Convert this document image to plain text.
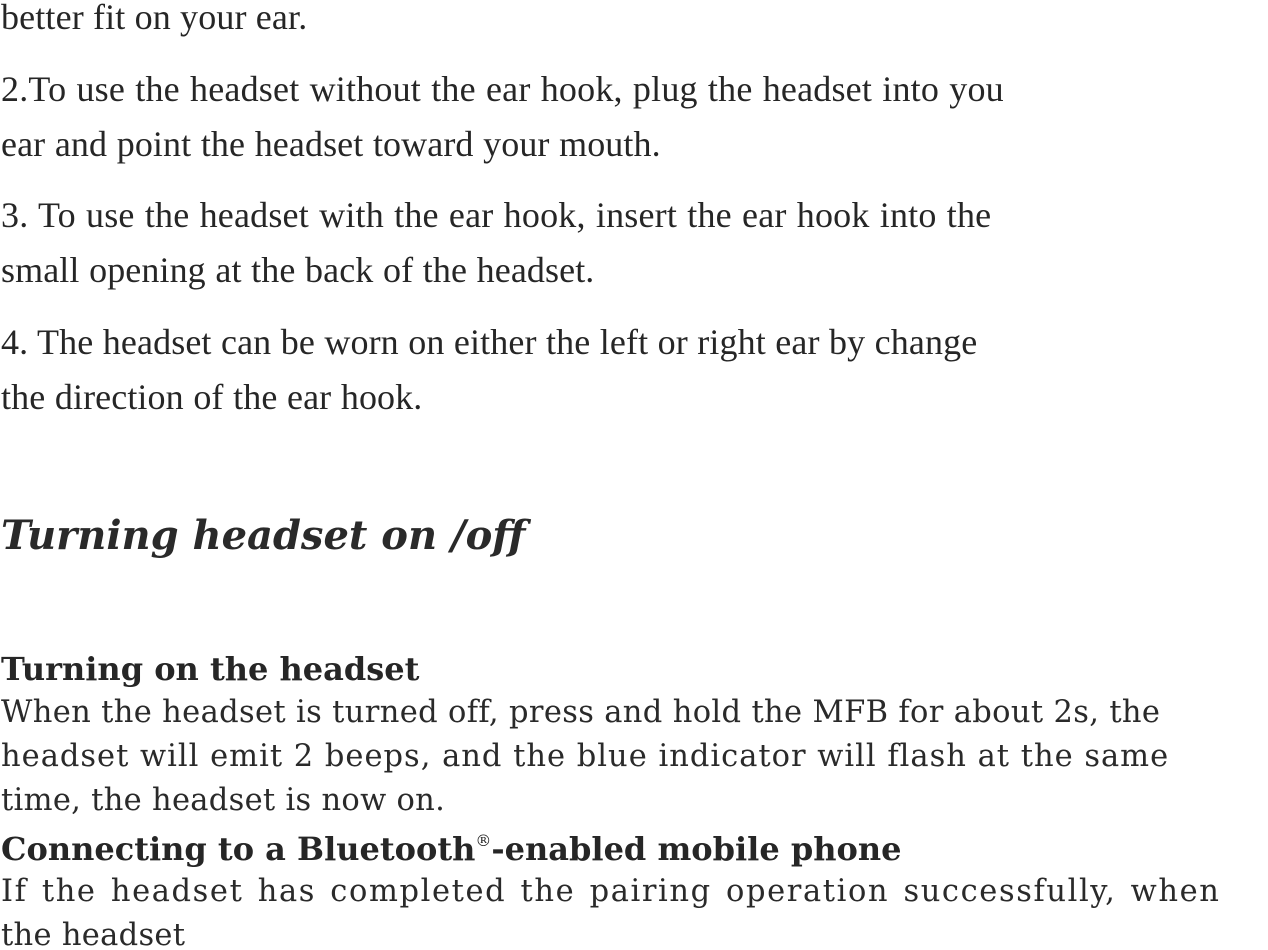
better fit on your ear.
2.To use the headset without the ear hook, plug the headset into you
ear and point the headset toward your mouth.
3. To use the headset with the ear hook, insert the ear hook into the
small opening at the back of the headset.
4. The headset can be worn on either the left or right ear by change
the direction of the ear hook.
Turning headset on /off
Turning on the headset
When the headset is turned off, press and hold the MFB for about 2s, the
headset will emit 2 beeps, and the blue indicator will flash at the same
time, the headset is now on.
Connecting to a Bluetooth®-enabled mobile phone
If the headset has completed the pairing operation successfully, when
the headset
